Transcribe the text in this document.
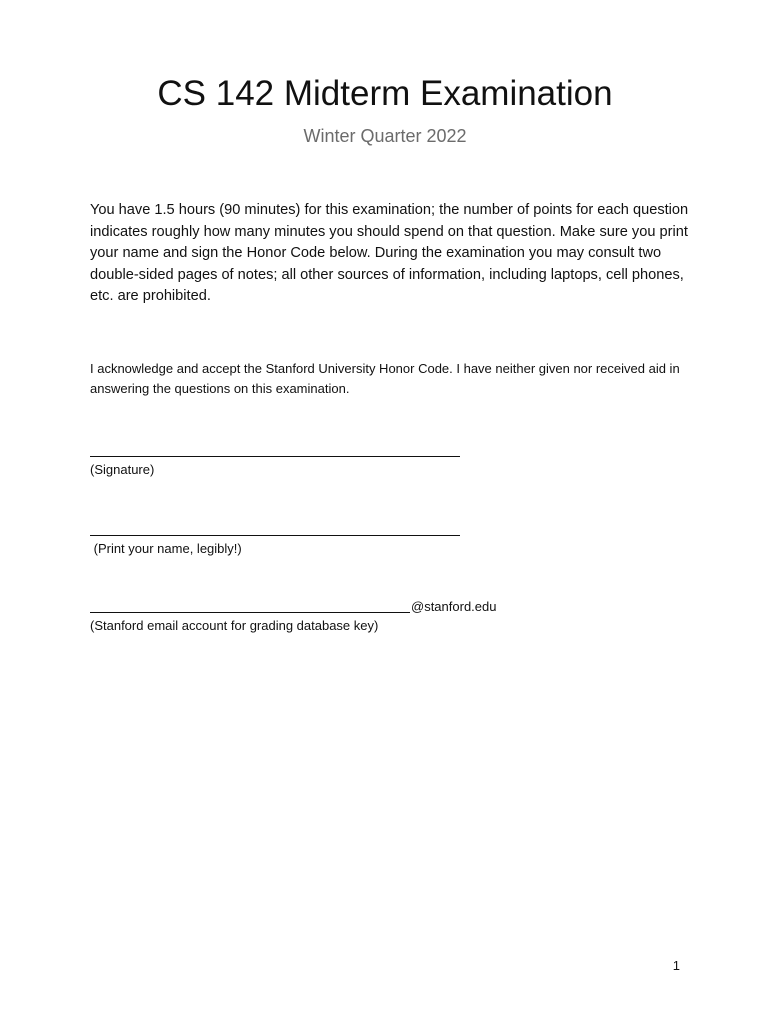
CS 142 Midterm Examination
Winter Quarter 2022
You have 1.5 hours (90 minutes) for this examination; the number of points for each question indicates roughly how many minutes you should spend on that question. Make sure you print your name and sign the Honor Code below. During the examination you may consult two double-sided pages of notes; all other sources of information, including laptops, cell phones, etc. are prohibited.
I acknowledge and accept the Stanford University Honor Code. I have neither given nor received aid in answering the questions on this examination.
(Signature)
(Print your name, legibly!)
@stanford.edu
(Stanford email account for grading database key)
1
